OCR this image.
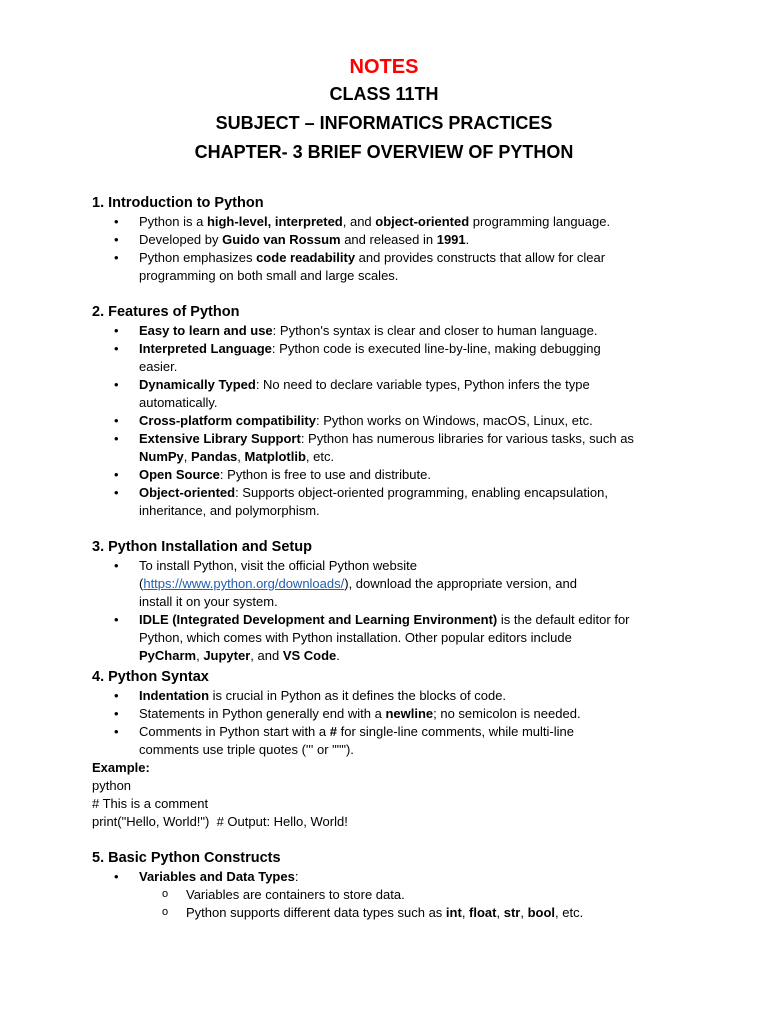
NOTES
CLASS 11TH
SUBJECT – INFORMATICS PRACTICES
CHAPTER- 3 BRIEF OVERVIEW OF PYTHON
1. Introduction to Python
• Python is a high-level, interpreted, and object-oriented programming language.
• Developed by Guido van Rossum and released in 1991.
• Python emphasizes code readability and provides constructs that allow for clear
programming on both small and large scales.
2. Features of Python
• Easy to learn and use: Python's syntax is clear and closer to human language.
• Interpreted Language: Python code is executed line-by-line, making debugging
easier.
• Dynamically Typed: No need to declare variable types, Python infers the type
automatically.
• Cross-platform compatibility: Python works on Windows, macOS, Linux, etc.
• Extensive Library Support: Python has numerous libraries for various tasks, such as
NumPy, Pandas, Matplotlib, etc.
• Open Source: Python is free to use and distribute.
• Object-oriented: Supports object-oriented programming, enabling encapsulation,
inheritance, and polymorphism.
3. Python Installation and Setup
• To install Python, visit the official Python website
(https://www.python.org/downloads/), download the appropriate version, and
install it on your system.
• IDLE (Integrated Development and Learning Environment) is the default editor for
Python, which comes with Python installation. Other popular editors include
PyCharm, Jupyter, and VS Code.
4. Python Syntax
• Indentation is crucial in Python as it defines the blocks of code.
• Statements in Python generally end with a newline; no semicolon is needed.
• Comments in Python start with a # for single-line comments, while multi-line
comments use triple quotes (''' or """).
Example:
python
# This is a comment
print("Hello, World!")  # Output: Hello, World!
5. Basic Python Constructs
• Variables and Data Types:
o Variables are containers to store data.
o Python supports different data types such as int, float, str, bool, etc.
